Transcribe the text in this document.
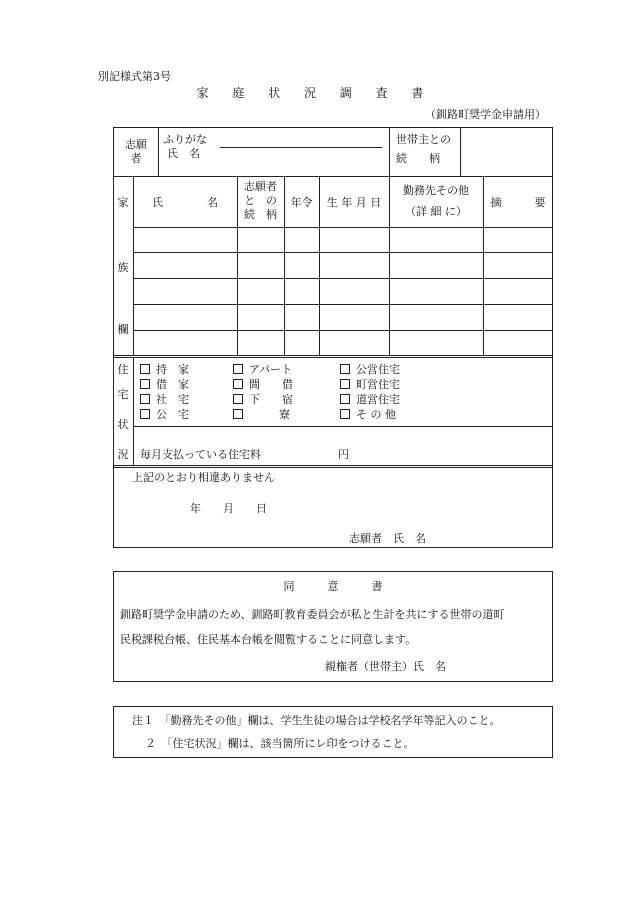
別記様式第3号
家 庭 状 況 調 査 書
（釧路町奨学金申請用）
志願
者
ふりがな
氏　名
世帯主との
続　　柄
家
族
欄
氏　　　　名
志願者
と　の
続　柄
年令	生 年 月 日
勤務先その他
（詳 細 に）
摘　　　要
住
宅
状
況
持　家
借　家
社　宅
公　宅
アパート
間　　借
下　　宿
寮
公営住宅
町営住宅
道営住宅
そ の 他
毎月支払っている住宅料	円
上記のとおり相違ありません
年　　月　　日
志願者　氏　名
同　　　意　　　書
釧路町奨学金申請のため、釧路町教育委員会が私と生計を共にする世帯の道町
民税課税台帳、住民基本台帳を閲覧することに同意します。
親権者（世帯主）氏　名
注１　「勤務先その他」欄は、学生生徒の場合は学校名学年等記入のこと。
２　「住宅状況」欄は、該当箇所にレ印をつけること。
